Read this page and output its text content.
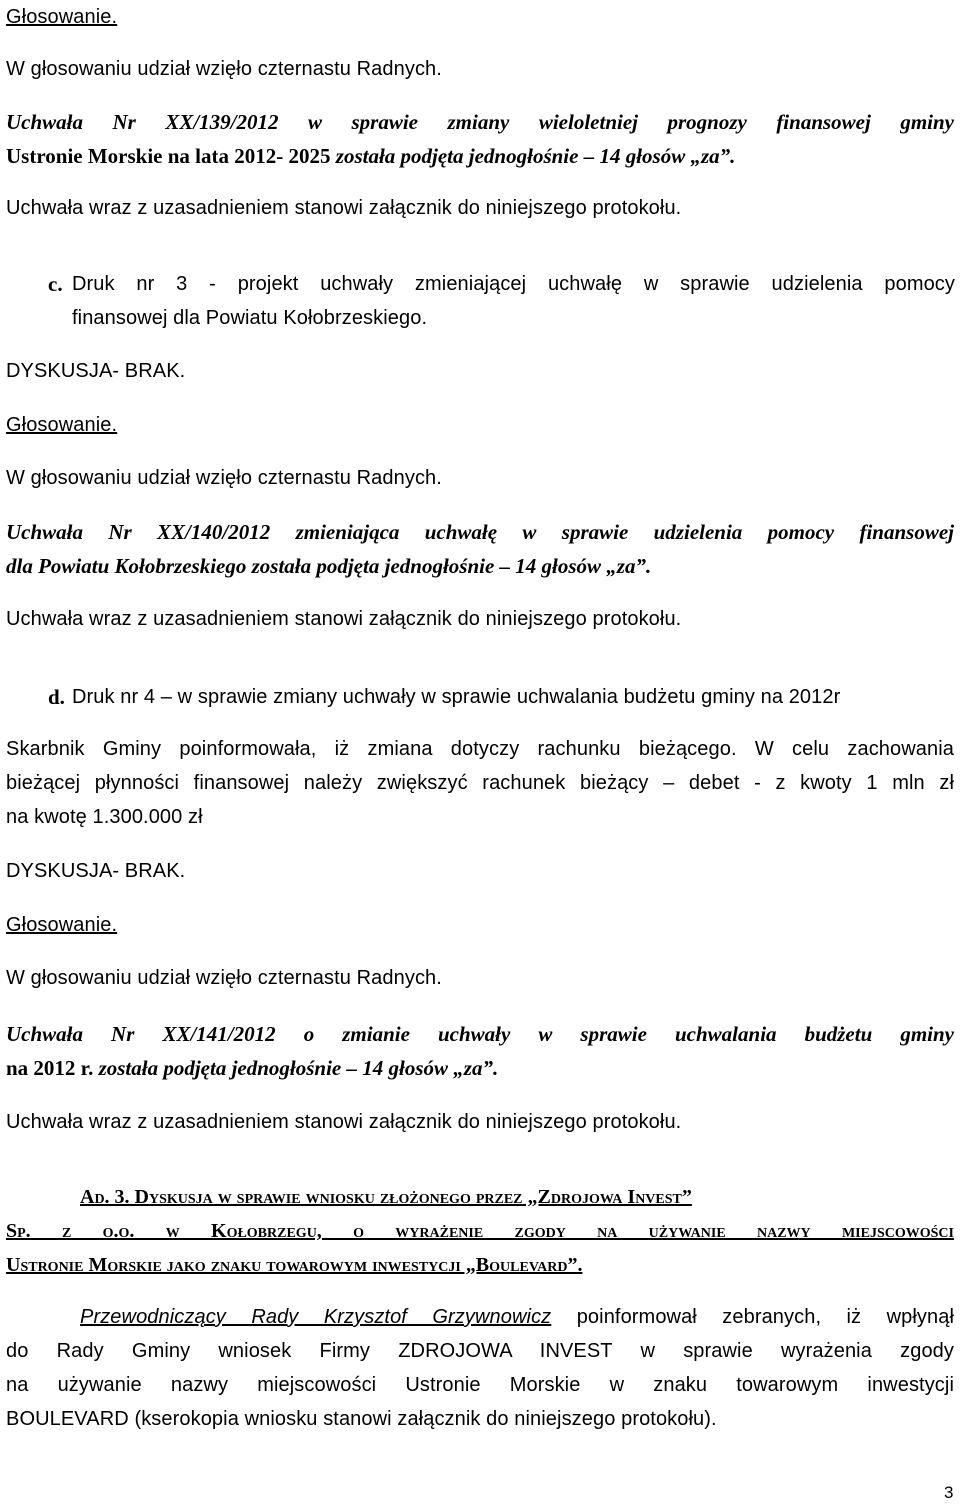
Głosowanie.

W głosowaniu udział wzięło czternastu Radnych.

Uchwała Nr XX/139/2012 w sprawie zmiany wieloletniej prognozy finansowej gminy

Ustronie Morskie na lata 2012- 2025 została podjęta jednogłośnie – 14 głosów „za”.

Uchwała wraz z uzasadnieniem stanowi załącznik do niniejszego protokołu.

c. Druk nr 3 - projekt uchwały zmieniającej uchwałę w sprawie udzielenia pomocy

finansowej dla Powiatu Kołobrzeskiego.

DYSKUSJA- BRAK.

Głosowanie.

W głosowaniu udział wzięło czternastu Radnych.

Uchwała Nr XX/140/2012 zmieniająca uchwałę w sprawie udzielenia pomocy finansowej

dla Powiatu Kołobrzeskiego została podjęta jednogłośnie – 14 głosów „za”.

Uchwała wraz z uzasadnieniem stanowi załącznik do niniejszego protokołu.

d. Druk nr 4 – w sprawie zmiany uchwały w sprawie uchwalania budżetu gminy na 2012r

Skarbnik Gminy poinformowała, iż zmiana dotyczy rachunku bieżącego. W celu zachowania

bieżącej płynności finansowej należy zwiększyć rachunek bieżący – debet - z kwoty 1 mln zł

na kwotę 1.300.000 zł

DYSKUSJA- BRAK.

Głosowanie.

W głosowaniu udział wzięło czternastu Radnych.

Uchwała Nr XX/141/2012 o zmianie uchwały w sprawie uchwalania budżetu gminy

na 2012 r. została podjęta jednogłośnie – 14 głosów „za”.

Uchwała wraz z uzasadnieniem stanowi załącznik do niniejszego protokołu.

Ad. 3. Dyskusja w sprawie wniosku złożonego przez „Zdrojowa Invest”

Sp. z o.o. w Kołobrzegu, o wyrażenie zgody na używanie nazwy miejscowości

Ustronie Morskie jako znaku towarowym inwestycji „Boulevard”.

Przewodniczący Rady Krzysztof Grzywnowicz poinformował zebranych, iż wpłynął

do Rady Gminy wniosek Firmy ZDROJOWA INVEST w sprawie wyrażenia zgody

na używanie nazwy miejscowości Ustronie Morskie w znaku towarowym inwestycji

BOULEVARD (kserokopia wniosku stanowi załącznik do niniejszego protokołu).

3
